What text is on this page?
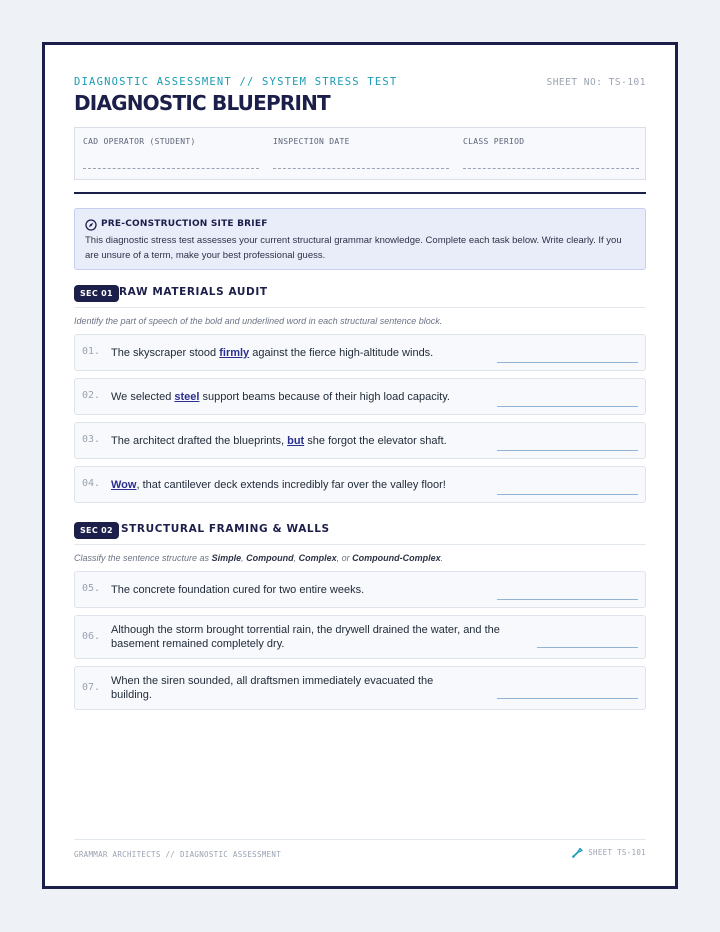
DIAGNOSTIC ASSESSMENT // SYSTEM STRESS TEST	SHEET NO: TS-101
DIAGNOSTIC BLUEPRINT
CAD OPERATOR (STUDENT)	INSPECTION DATE	CLASS PERIOD
PRE-CONSTRUCTION SITE BRIEF
This diagnostic stress test assesses your current structural grammar knowledge. Complete each task below. Write clearly. If you are unsure of a term, make your best professional guess.
SEC 01 RAW MATERIALS AUDIT
Identify the part of speech of the bold and underlined word in each structural sentence block.
01. The skyscraper stood firmly against the fierce high-altitude winds.
02. We selected steel support beams because of their high load capacity.
03. The architect drafted the blueprints, but she forgot the elevator shaft.
04. Wow, that cantilever deck extends incredibly far over the valley floor!
SEC 02 STRUCTURAL FRAMING & WALLS
Classify the sentence structure as Simple, Compound, Complex, or Compound-Complex.
05. The concrete foundation cured for two entire weeks.
06.
Although the storm brought torrential rain, the drywell drained the water, and the basement remained completely dry.
07.
When the siren sounded, all draftsmen immediately evacuated the building.
GRAMMAR ARCHITECTS // DIAGNOSTIC ASSESSMENT	SHEET TS-101
